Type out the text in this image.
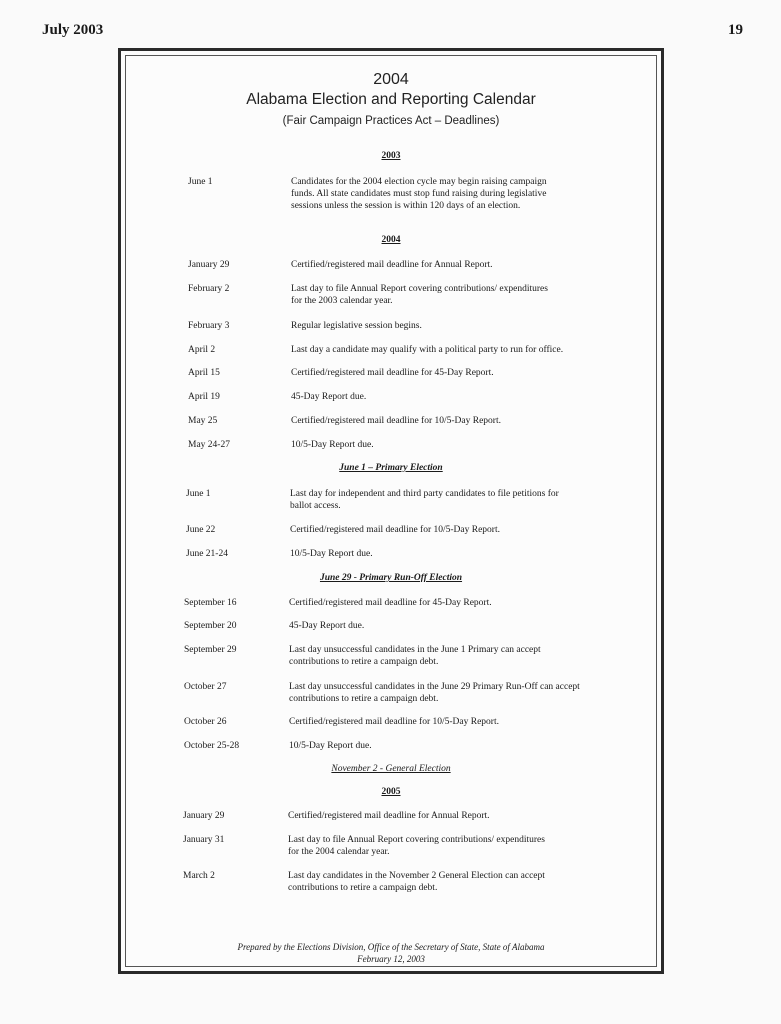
July 2003	19
2004
Alabama Election and Reporting Calendar
(Fair Campaign Practices Act – Deadlines)
2003
June 1	Candidates for the 2004 election cycle may begin raising campaign funds. All state candidates must stop fund raising during legislative sessions unless the session is within 120 days of an election.
2004
January 29	Certified/registered mail deadline for Annual Report.
February 2	Last day to file Annual Report covering contributions/ expenditures for the 2003 calendar year.
February 3	Regular legislative session begins.
April 2	Last day a candidate may qualify with a political party to run for office.
April 15	Certified/registered mail deadline for 45-Day Report.
April 19	45-Day Report due.
May 25	Certified/registered mail deadline for 10/5-Day Report.
May 24-27	10/5-Day Report due.
June 1 – Primary Election
June 1	Last day for independent and third party candidates to file petitions for ballot access.
June 22	Certified/registered mail deadline for 10/5-Day Report.
June 21-24	10/5-Day Report due.
June 29 - Primary Run-Off Election
September 16	Certified/registered mail deadline for 45-Day Report.
September 20	45-Day Report due.
September 29	Last day unsuccessful candidates in the June 1 Primary can accept contributions to retire a campaign debt.
October 27	Last day unsuccessful candidates in the June 29 Primary Run-Off can accept contributions to retire a campaign debt.
October 26	Certified/registered mail deadline for 10/5-Day Report.
October 25-28	10/5-Day Report due.
November 2 - General Election
2005
January 29	Certified/registered mail deadline for Annual Report.
January 31	Last day to file Annual Report covering contributions/ expenditures for the 2004 calendar year.
March 2	Last day candidates in the November 2 General Election can accept contributions to retire a campaign debt.
Prepared by the Elections Division, Office of the Secretary of State, State of Alabama
February 12, 2003
